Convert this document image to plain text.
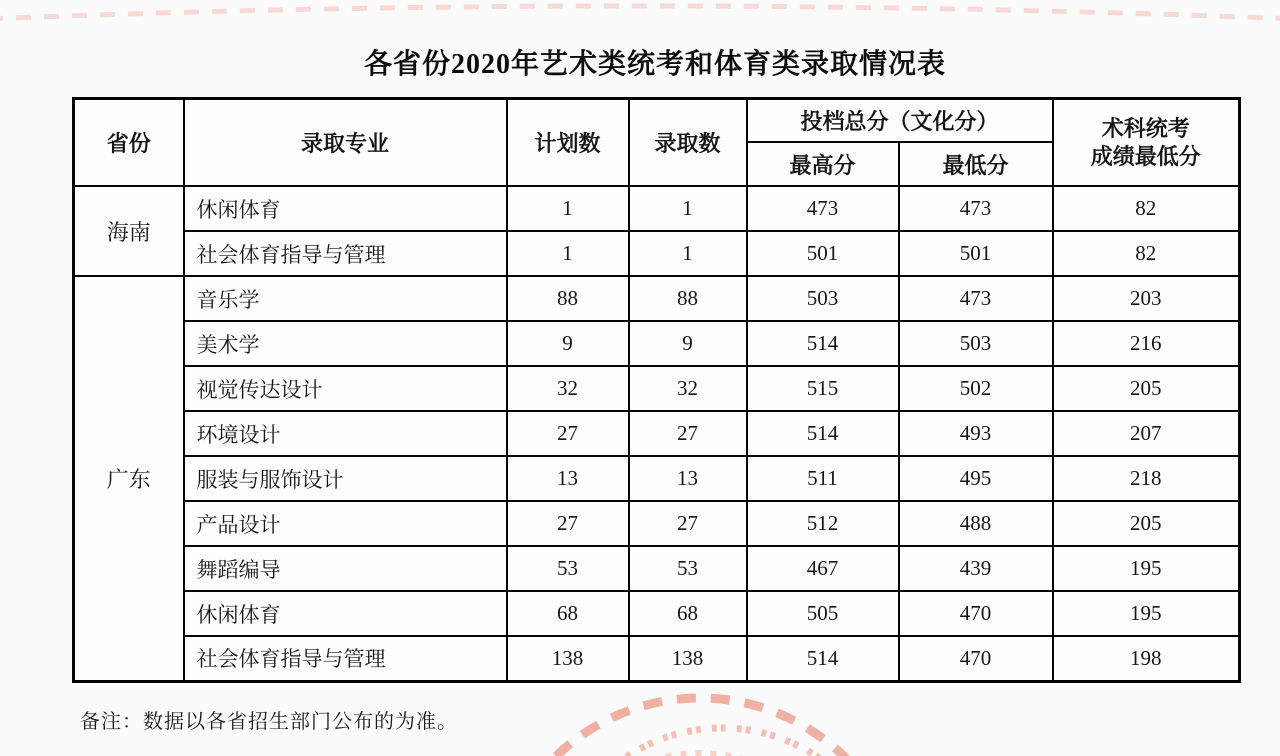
各省份2020年艺术类统考和体育类录取情况表
省份	录取专业	计划数	录取数	投档总分（文化分）		术科统考
成绩最低分

				最高分	最低分	
海南	休闲体育	1	1	473	473	82
	社会体育指导与管理	1	1	501	501	82
广东	音乐学	88	88	503	473	203
	美术学	9	9	514	503	216
	视觉传达设计	32	32	515	502	205
	环境设计	27	27	514	493	207
	服装与服饰设计	13	13	511	495	218
	产品设计	27	27	512	488	205
	舞蹈编导	53	53	467	439	195
	休闲体育	68	68	505	470	195
	社会体育指导与管理	138	138	514	470	198
备注：数据以各省招生部门公布的为准。
